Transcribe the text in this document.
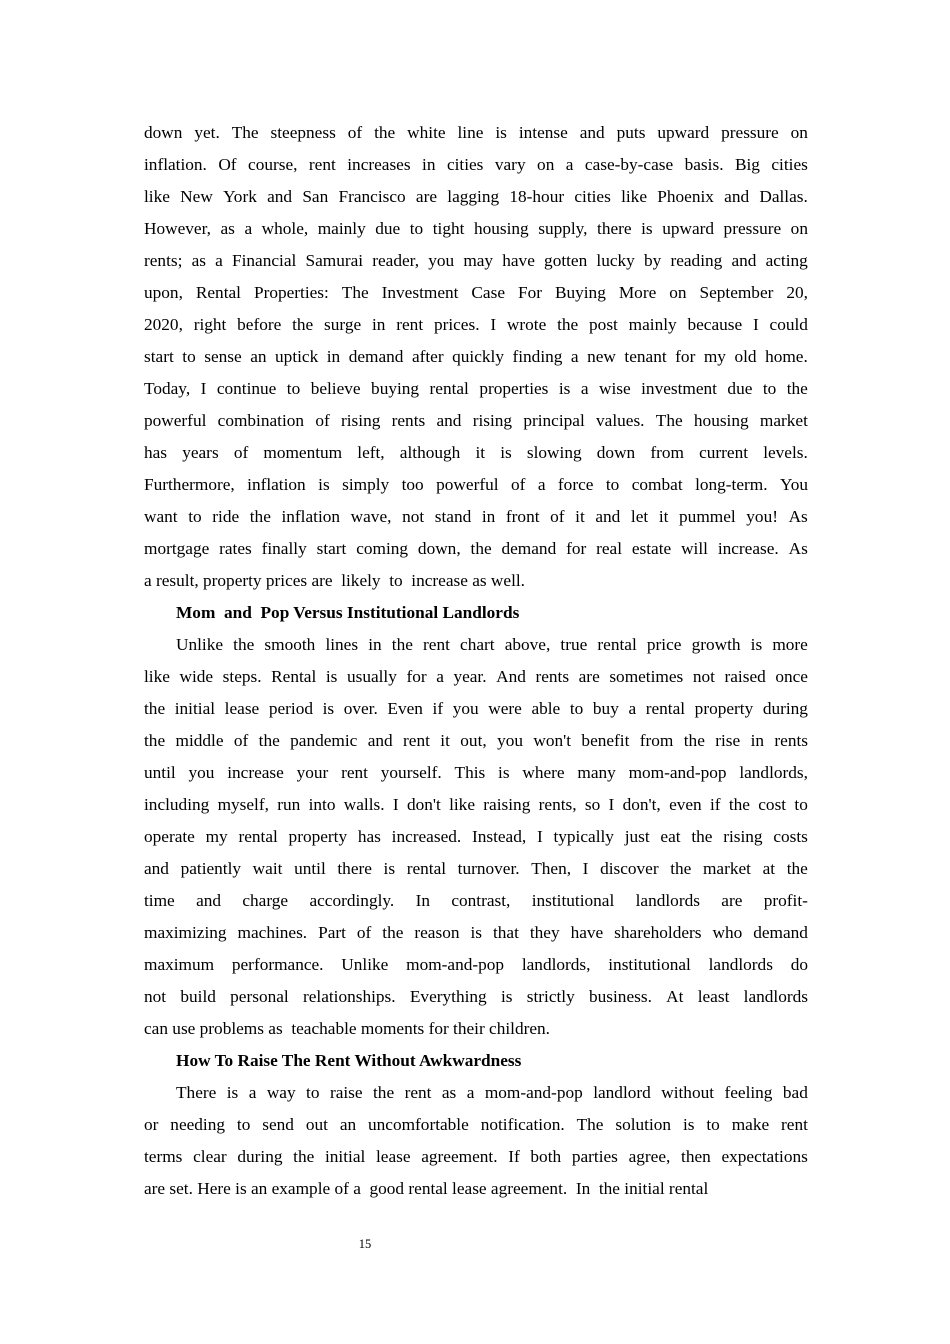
down yet. The steepness of the white line is intense and puts upward pressure on
inflation. Of course, rent increases in cities vary on a case-by-case basis. Big cities
like New York and San Francisco are lagging 18-hour cities like Phoenix and Dallas.
However, as a whole, mainly due to tight housing supply, there is upward pressure on
rents; as a Financial Samurai reader, you may have gotten lucky by reading and acting
upon, Rental Properties: The Investment Case For Buying More on September 20,
2020, right before the surge in rent prices. I wrote the post mainly because I could
start to sense an uptick in demand after quickly finding a new tenant for my old home.
Today, I continue to believe buying rental properties is a wise investment due to the
powerful combination of rising rents and rising principal values. The housing market
has years of momentum left, although it is slowing down from current levels.
Furthermore, inflation is simply too powerful of a force to combat long-term. You
want to ride the inflation wave, not stand in front of it and let it pummel you! As
mortgage rates finally start coming down, the demand for real estate will increase. As
a result, property prices are  likely  to  increase as well.
Mom  and  Pop Versus Institutional Landlords
Unlike the smooth lines in the rent chart above, true rental price growth is more
like wide steps. Rental is usually for a year. And rents are sometimes not raised once
the initial lease period is over. Even if you were able to buy a rental property during
the middle of the pandemic and rent it out, you won't benefit from the rise in rents
until you increase your rent yourself. This is where many mom-and-pop landlords,
including myself, run into walls. I don't like raising rents, so I don't, even if the cost to
operate my rental property has increased. Instead, I typically just eat the rising costs
and patiently wait until there is rental turnover. Then, I discover the market at the
time and charge accordingly. In contrast, institutional landlords are profit-
maximizing machines. Part of the reason is that they have shareholders who demand
maximum performance. Unlike mom-and-pop landlords, institutional landlords do
not build personal relationships. Everything is strictly business. At least landlords
can use problems as  teachable moments for their children.
How To Raise The Rent Without Awkwardness
There is a way to raise the rent as a mom-and-pop landlord without feeling bad
or needing to send out an uncomfortable notification. The solution is to make rent
terms clear during the initial lease agreement. If both parties agree, then expectations
are set. Here is an example of a  good rental lease agreement.  In  the initial rental
15
